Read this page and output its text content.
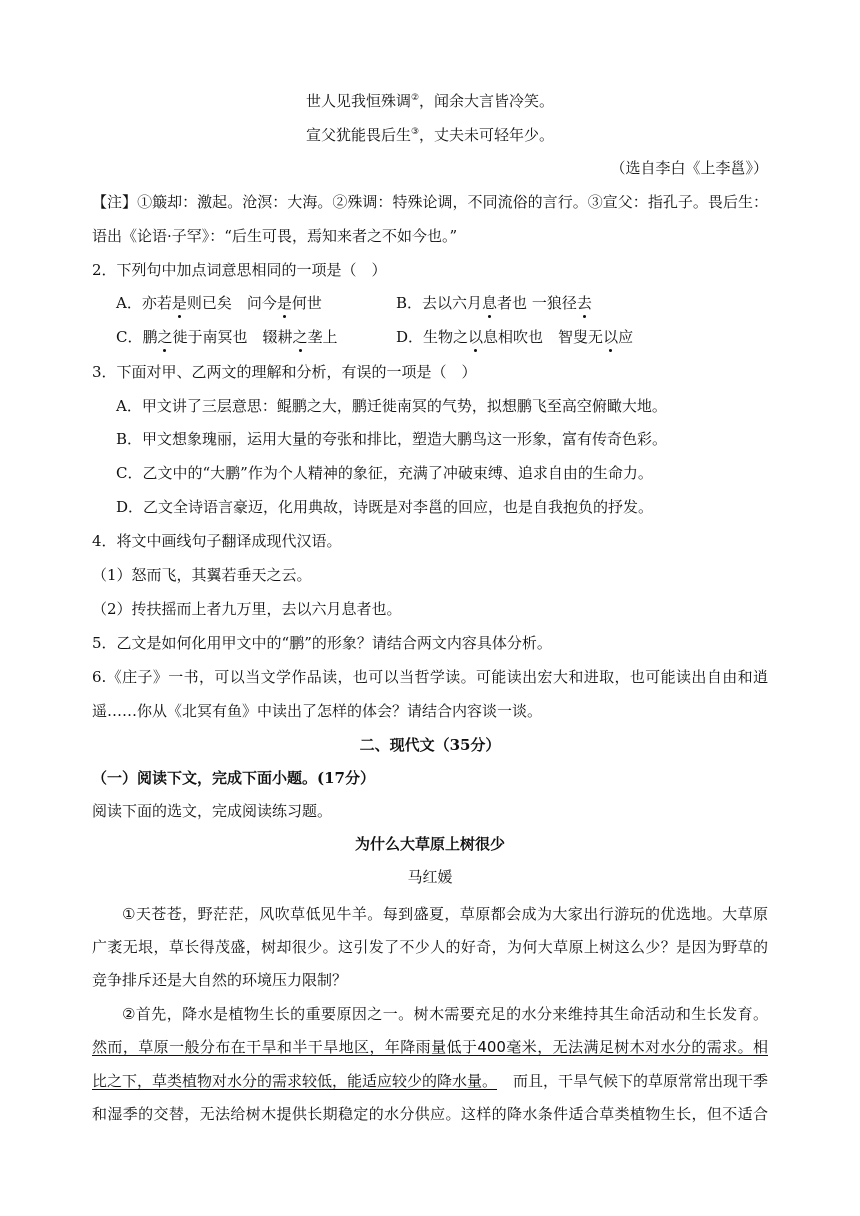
世人见我恒殊调②，闻余大言皆冷笑。
宣父犹能畏后生③，丈夫未可轻年少。
（选自李白《上李邕》）
【注】①簸却：激起。沧溟：大海。②殊调：特殊论调，不同流俗的言行。③宣父：指孔子。畏后生：
语出《论语·子罕》：“后生可畏，焉知来者之不如今也。”
2．下列句中加点词意思相同的一项是（　）
A．亦若是则已矣　问今是何世	B．去以六月息者也 一狼径去
C．鹏之徙于南冥也　辍耕之垄上	D．生物之以息相吹也　智叟无以应
3．下面对甲、乙两文的理解和分析，有误的一项是（　）
A．甲文讲了三层意思：鲲鹏之大，鹏迁徙南冥的气势，拟想鹏飞至高空俯瞰大地。
B．甲文想象瑰丽，运用大量的夸张和排比，塑造大鹏鸟这一形象，富有传奇色彩。
C．乙文中的“大鹏”作为个人精神的象征，充满了冲破束缚、追求自由的生命力。
D．乙文全诗语言豪迈，化用典故，诗既是对李邕的回应，也是自我抱负的抒发。
4．将文中画线句子翻译成现代汉语。
（1）怒而飞，其翼若垂天之云。
（2）抟扶摇而上者九万里，去以六月息者也。
5．乙文是如何化用甲文中的“鹏”的形象？请结合两文内容具体分析。
6.《庄子》一书，可以当文学作品读，也可以当哲学读。可能读出宏大和进取，也可能读出自由和逍
遥……你从《北冥有鱼》中读出了怎样的体会？请结合内容谈一谈。
二、现代文（35分）
（一）阅读下文，完成下面小题。(17分）
阅读下面的选文，完成阅读练习题。
为什么大草原上树很少
马红媛
①天苍苍，野茫茫，风吹草低见牛羊。每到盛夏，草原都会成为大家出行游玩的优选地。大草原
广袤无垠，草长得茂盛，树却很少。这引发了不少人的好奇，为何大草原上树这么少？是因为野草的
竞争排斥还是大自然的环境压力限制？
②首先，降水是植物生长的重要原因之一。树木需要充足的水分来维持其生命活动和生长发育。
然而，草原一般分布在干旱和半干旱地区，年降雨量低于400毫米，无法满足树木对水分的需求。相
比之下，草类植物对水分的需求较低，能适应较少的降水量。 而且，干旱气候下的草原常常出现干季
和湿季的交替，无法给树木提供长期稳定的水分供应。这样的降水条件适合草类植物生长，但不适合
